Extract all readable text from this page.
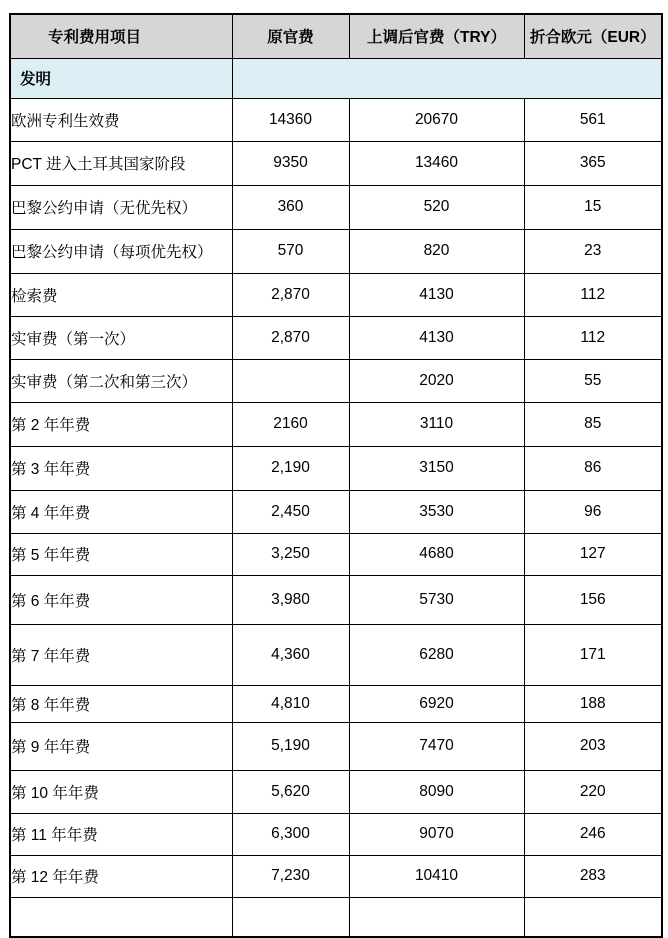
专利费用项目	原官费	上调后官费（TRY）	折合欧元（EUR）
发明			
欧洲专利生效费	14360	20670	561
PCT 进入土耳其国家阶段	9350	13460	365
巴黎公约申请（无优先权）	360	520	15
巴黎公约申请（每项优先权）	570	820	23
检索费	2,870	4130	112
实审费（第一次）	2,870	4130	112
实审费（第二次和第三次）		2020	55
第 2 年年费	2160	3110	85
第 3 年年费	2,190	3150	86
第 4 年年费	2,450	3530	96
第 5 年年费	3,250	4680	127
第 6 年年费	3,980	5730	156
第 7 年年费	4,360	6280	171
第 8 年年费	4,810	6920	188
第 9 年年费	5,190	7470	203
第 10 年年费	5,620	8090	220
第 11 年年费	6,300	9070	246
第 12 年年费	7,230	10410	283
